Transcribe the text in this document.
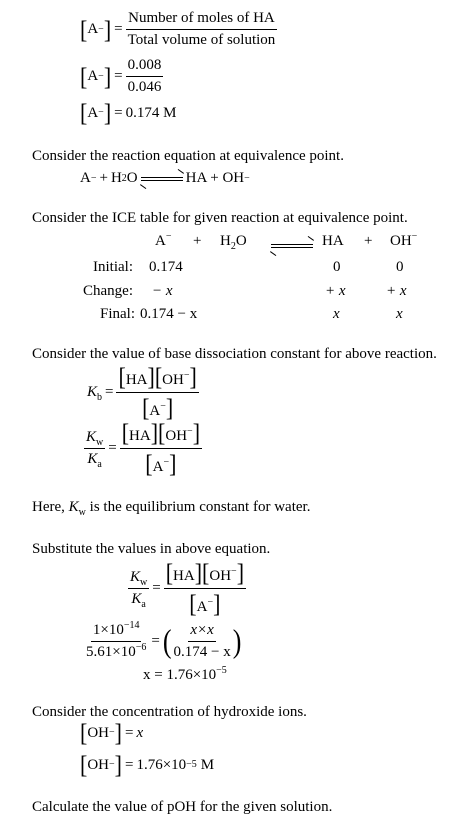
[ A − ] = $\frac{\text{Number of moles of HA}}{\text{Total volume of solution}}$
[ A − ] = $\frac{0.008}{0.046}$
[ A − ] = 0.174 M
Consider the reaction equation at equivalence point.
A − + H 2 O	HA + OH −
Consider the ICE table for given reaction at equivalence point.
$A^- + H_2O$	HA + OH−
Initial: 0.174	0	0
Change: − x	+ x	+ x
Final: 0.174 − x	x	x
Consider the value of base dissociation constant for above reaction.
$K_b = \frac{[HA][OH^-]}{[A^-]}$
$\frac{K_w}{K_a} = \frac{[HA][OH^-]}{[A^-]}$
Here, $K_w$ is the equilibrium constant for water.
Substitute the values in above equation.
$\frac{K_w}{K_a} = \frac{[HA][OH^-]}{[A^-]}$
$\frac{1\times 10^{-14}}{5.61\times 10^{-6}}$ = ( $\frac{x\times x}{0.174 - x}$ )
$x = 1.76\times 10^{-5}$
Consider the concentration of hydroxide ions.
[ OH − ] = x
[ OH − ] = 1.76×10 −5 M
Calculate the value of pOH for the given solution.
